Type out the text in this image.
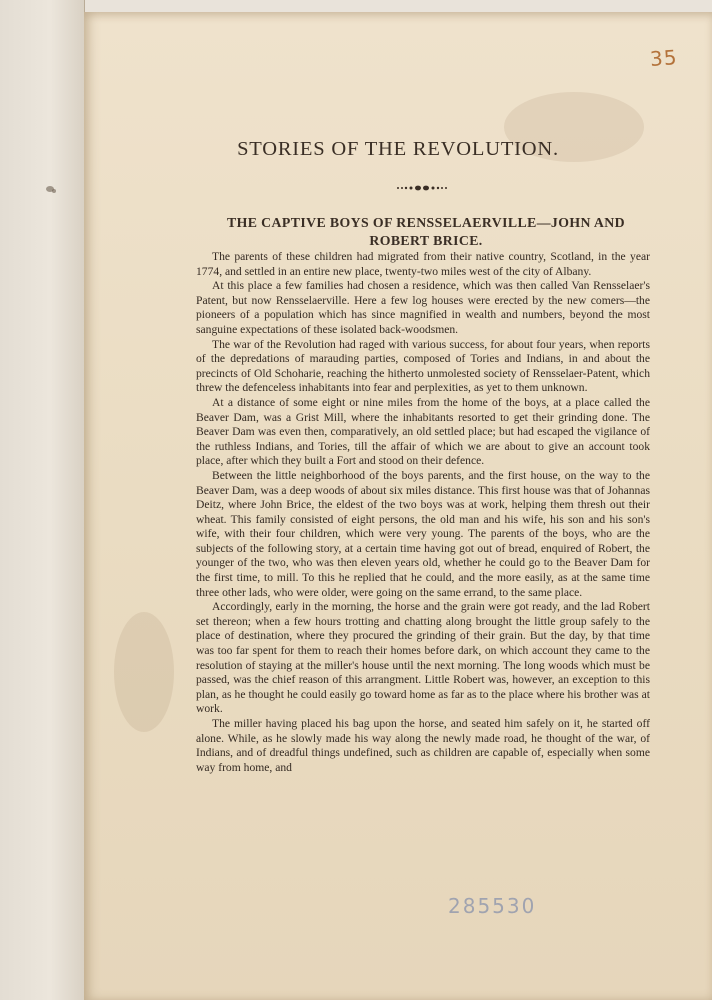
35
STORIES OF THE REVOLUTION.
THE CAPTIVE BOYS OF RENSSELAERVILLE—JOHN AND ROBERT BRICE.

The parents of these children had migrated from their native country, Scotland, in the year 1774, and settled in an entire new place, twenty-two miles west of the city of Albany.

At this place a few families had chosen a residence, which was then called Van Rensselaer's Patent, but now Rensselaerville. Here a few log houses were erected by the new comers—the pioneers of a population which has since magnified in wealth and numbers, beyond the most sanguine expectations of these isolated back-woodsmen.

The war of the Revolution had raged with various success, for about four years, when reports of the depredations of marauding parties, composed of Tories and Indians, in and about the precincts of Old Schoharie, reaching the hitherto unmolested society of Rensselaer-Patent, which threw the defenceless inhabitants into fear and perplexities, as yet to them unknown.

At a distance of some eight or nine miles from the home of the boys, at a place called the Beaver Dam, was a Grist Mill, where the inhabitants resorted to get their grinding done. The Beaver Dam was even then, comparatively, an old settled place; but had escaped the vigilance of the ruthless Indians, and Tories, till the affair of which we are about to give an account took place, after which they built a Fort and stood on their defence.

Between the little neighborhood of the boys parents, and the first house, on the way to the Beaver Dam, was a deep woods of about six miles distance. This first house was that of Johannas Deitz, where John Brice, the eldest of the two boys was at work, helping them thresh out their wheat. This family consisted of eight persons, the old man and his wife, his son and his son's wife, with their four children, which were very young. The parents of the boys, who are the subjects of the following story, at a certain time having got out of bread, enquired of Robert, the younger of the two, who was then eleven years old, whether he could go to the Beaver Dam for the first time, to mill. To this he replied that he could, and the more easily, as at the same time three other lads, who were older, were going on the same errand, to the same place.

Accordingly, early in the morning, the horse and the grain were got ready, and the lad Robert set thereon; when a few hours trotting and chatting along brought the little group safely to the place of destination, where they procured the grinding of their grain. But the day, by that time was too far spent for them to reach their homes before dark, on which account they came to the resolution of staying at the miller's house until the next morning. The long woods which must be passed, was the chief reason of this arrangment. Little Robert was, however, an exception to this plan, as he thought he could easily go toward home as far as to the place where his brother was at work.

The miller having placed his bag upon the horse, and seated him safely on it, he started off alone. While, as he slowly made his way along the newly made road, he thought of the war, of Indians, and of dreadful things undefined, such as children are capable of, especially when some way from home, and

285530
